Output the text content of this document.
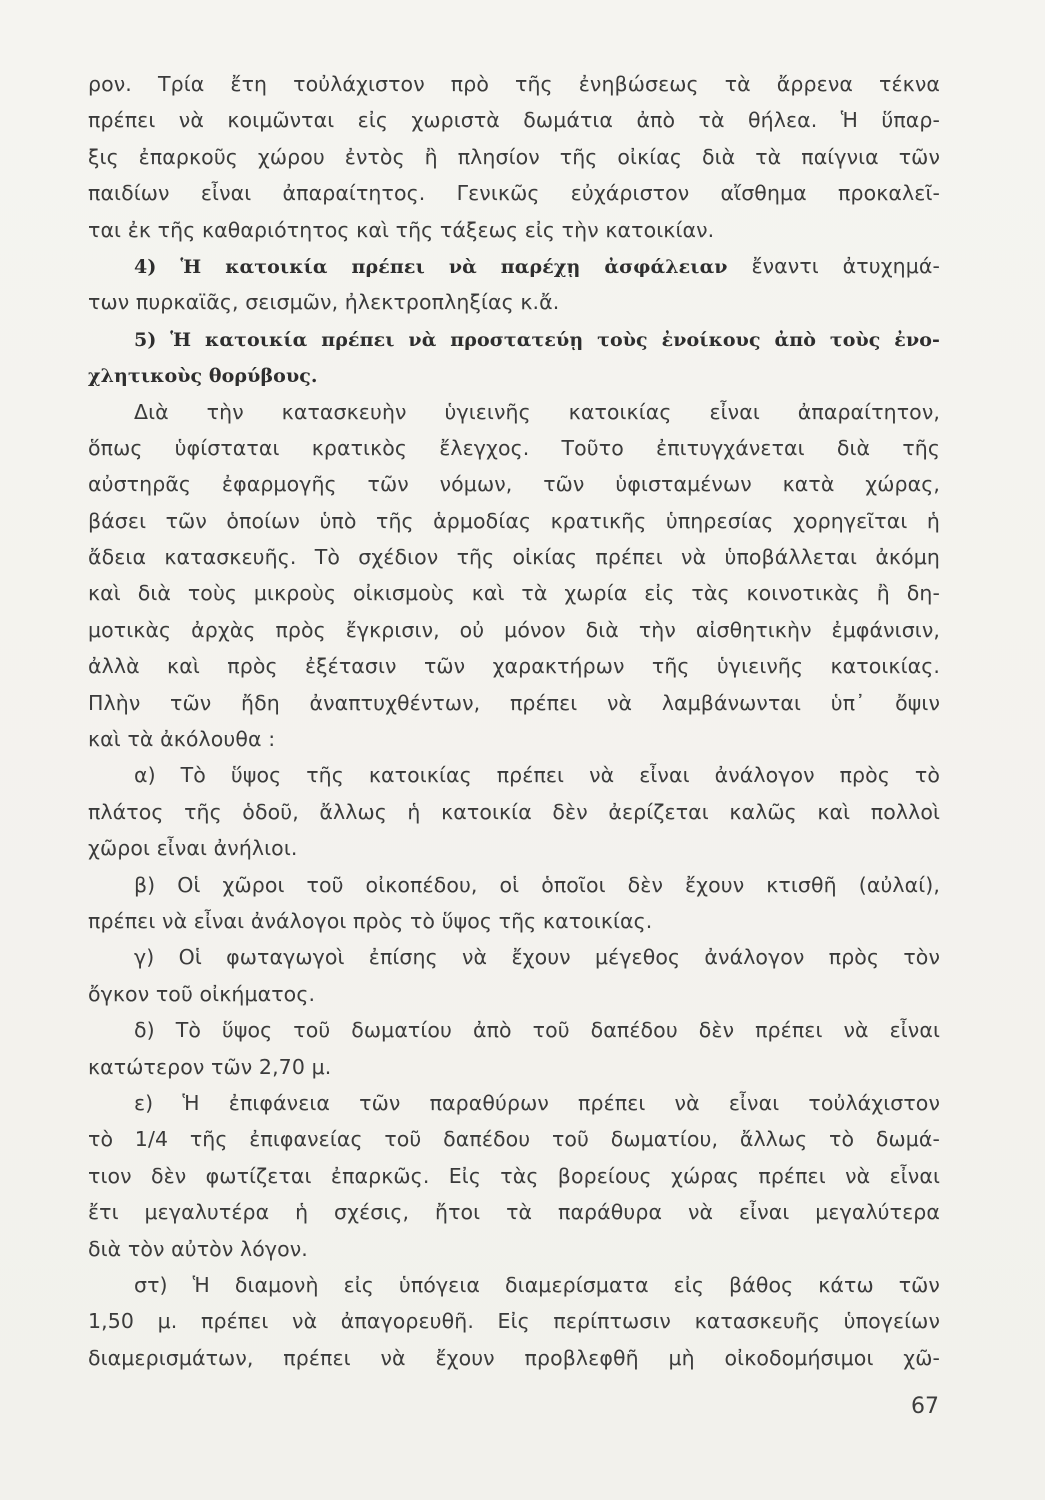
ρον. Τρία ἔτη τοὐλάχιστον πρὸ τῆς ἐνηβώσεως τὰ ἄρρενα τέκνα
πρέπει νὰ κοιμῶνται εἰς χωριστὰ δωμάτια ἀπὸ τὰ θήλεα. Ἡ ὕπαρ-
ξις ἐπαρκοῦς χώρου ἐντὸς ἢ πλησίον τῆς οἰκίας διὰ τὰ παίγνια τῶν
παιδίων εἶναι ἀπαραίτητος. Γενικῶς εὐχάριστον αἴσθημα προκαλεῖ-
ται ἐκ τῆς καθαριότητος καὶ τῆς τάξεως εἰς τὴν κατοικίαν.
4) Ἡ κατοικία πρέπει νὰ παρέχῃ ἀσφάλειαν ἔναντι ἀτυχημά-
των πυρκαϊᾶς, σεισμῶν, ἠλεκτροπληξίας κ.ἄ.
5) Ἡ κατοικία πρέπει νὰ προστατεύῃ τοὺς ἐνοίκους ἀπὸ τοὺς ἐνο-
χλητικοὺς θορύβους.
Διὰ τὴν κατασκευὴν ὑγιεινῆς κατοικίας εἶναι ἀπαραίτητον,
ὅπως ὑφίσταται κρατικὸς ἔλεγχος. Τοῦτο ἐπιτυγχάνεται διὰ τῆς
αὐστηρᾶς ἐφαρμογῆς τῶν νόμων, τῶν ὑφισταμένων κατὰ χώρας,
βάσει τῶν ὁποίων ὑπὸ τῆς ἁρμοδίας κρατικῆς ὑπηρεσίας χορηγεῖται ἡ
ἄδεια κατασκευῆς. Τὸ σχέδιον τῆς οἰκίας πρέπει νὰ ὑποβάλλεται ἀκόμη
καὶ διὰ τοὺς μικροὺς οἰκισμοὺς καὶ τὰ χωρία εἰς τὰς κοινοτικὰς ἢ δη-
μοτικὰς ἀρχὰς πρὸς ἔγκρισιν, οὐ μόνον διὰ τὴν αἰσθητικὴν ἐμφάνισιν,
ἀλλὰ καὶ πρὸς ἐξέτασιν τῶν χαρακτήρων τῆς ὑγιεινῆς κατοικίας.
Πλὴν τῶν ἤδη ἀναπτυχθέντων, πρέπει νὰ λαμβάνωνται ὑπ᾽ ὄψιν
καὶ τὰ ἀκόλουθα :
α) Τὸ ὕψος τῆς κατοικίας πρέπει νὰ εἶναι ἀνάλογον πρὸς τὸ
πλάτος τῆς ὁδοῦ, ἄλλως ἡ κατοικία δὲν ἀερίζεται καλῶς καὶ πολλοὶ
χῶροι εἶναι ἀνήλιοι.
β) Οἱ χῶροι τοῦ οἰκοπέδου, οἱ ὁποῖοι δὲν ἔχουν κτισθῆ (αὐλαί),
πρέπει νὰ εἶναι ἀνάλογοι πρὸς τὸ ὕψος τῆς κατοικίας.
γ) Οἱ φωταγωγοὶ ἐπίσης νὰ ἔχουν μέγεθος ἀνάλογον πρὸς τὸν
ὄγκον τοῦ οἰκήματος.
δ) Τὸ ὕψος τοῦ δωματίου ἀπὸ τοῦ δαπέδου δὲν πρέπει νὰ εἶναι
κατώτερον τῶν 2,70 μ.
ε) Ἡ ἐπιφάνεια τῶν παραθύρων πρέπει νὰ εἶναι τοὐλάχιστον
τὸ 1/4 τῆς ἐπιφανείας τοῦ δαπέδου τοῦ δωματίου, ἄλλως τὸ δωμά-
τιον δὲν φωτίζεται ἐπαρκῶς. Εἰς τὰς βορείους χώρας πρέπει νὰ εἶναι
ἔτι μεγαλυτέρα ἡ σχέσις, ἤτοι τὰ παράθυρα νὰ εἶναι μεγαλύτερα
διὰ τὸν αὐτὸν λόγον.
στ) Ἡ διαμονὴ εἰς ὑπόγεια διαμερίσματα εἰς βάθος κάτω τῶν
1,50 μ. πρέπει νὰ ἀπαγορευθῆ. Εἰς περίπτωσιν κατασκευῆς ὑπογείων
διαμερισμάτων, πρέπει νὰ ἔχουν προβλεφθῆ μὴ οἰκοδομήσιμοι χῶ-
67
